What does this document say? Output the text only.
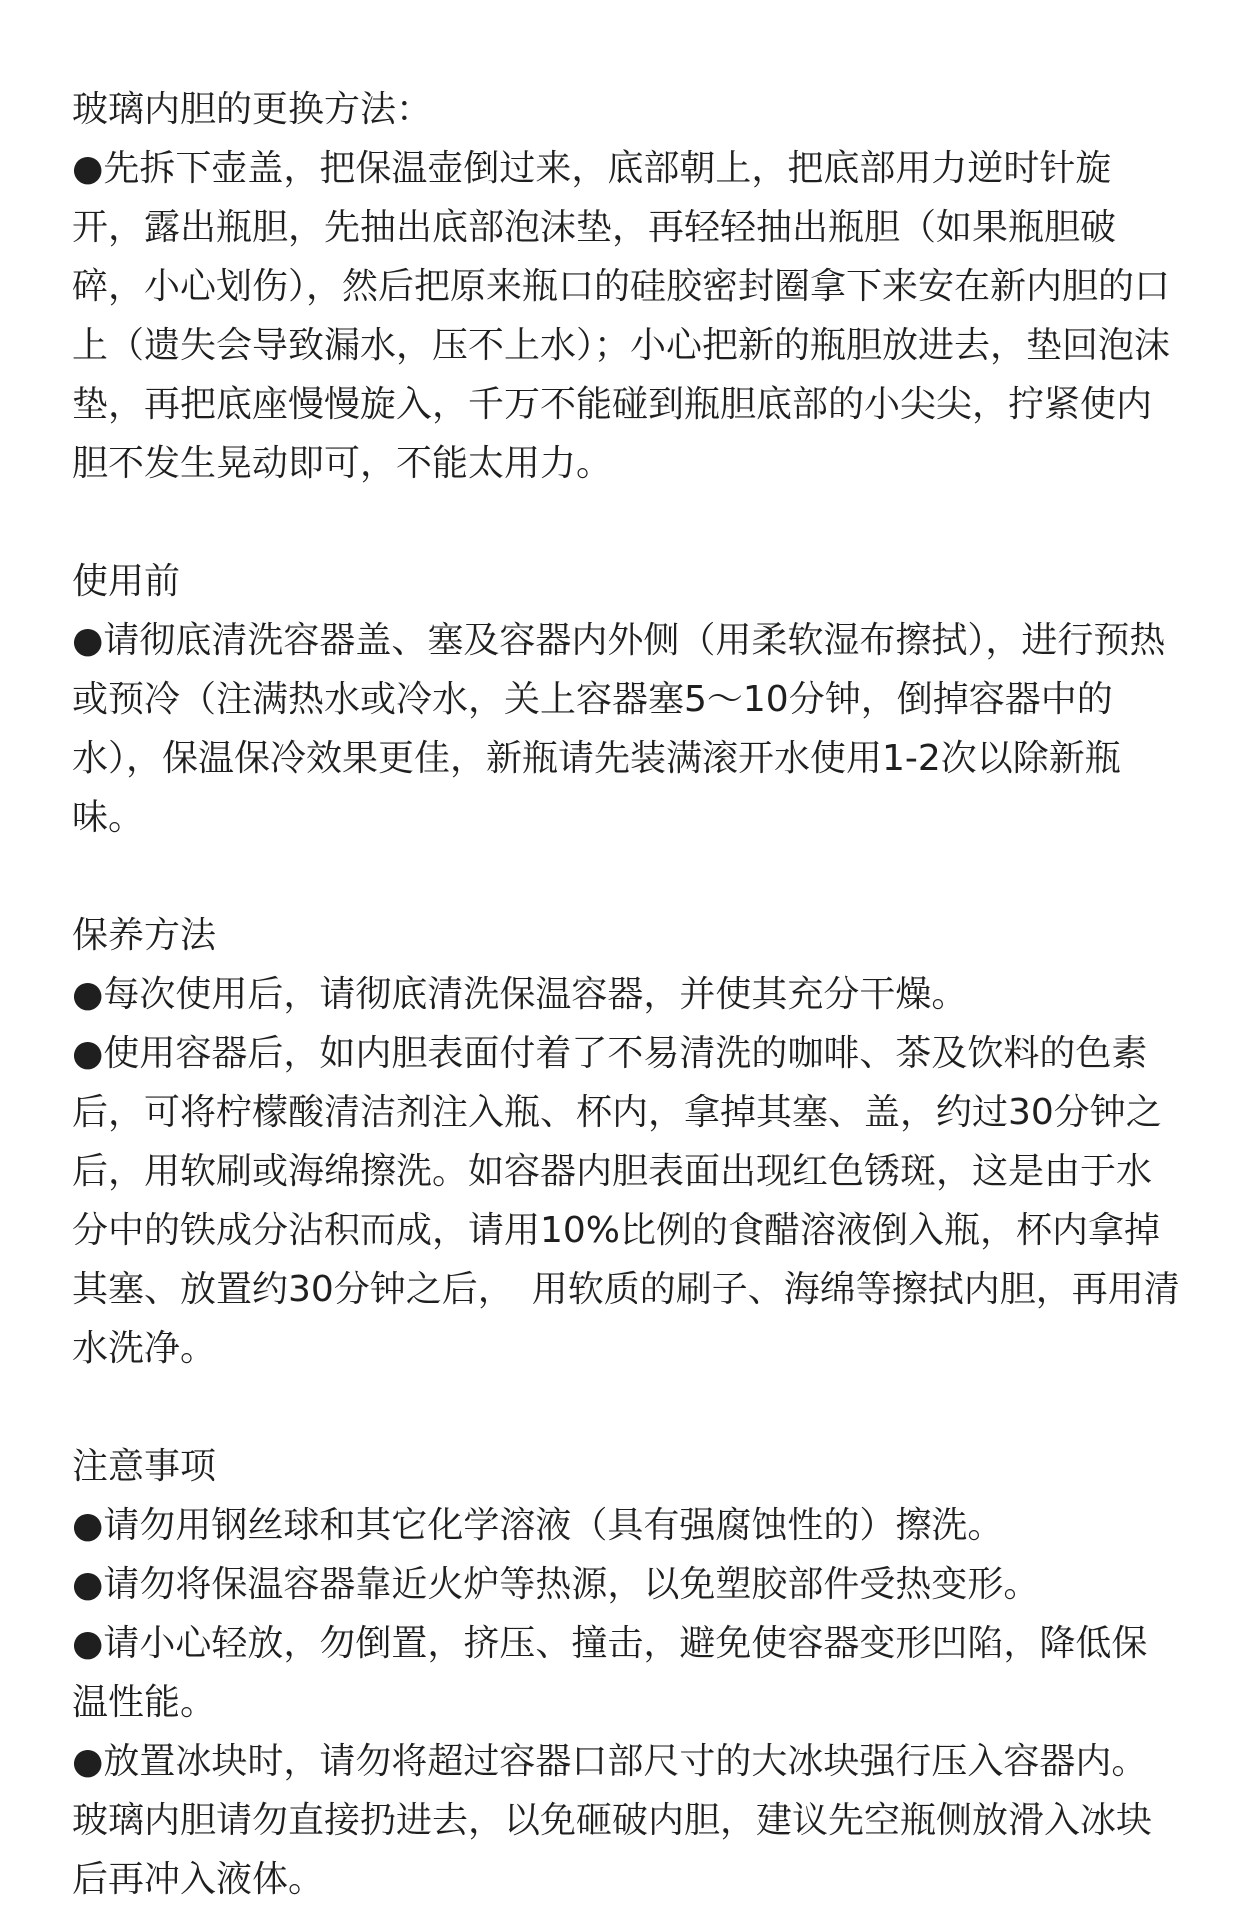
玻璃内胆的更换方法：

●先拆下壶盖，把保温壶倒过来，底部朝上，把底部用力逆时针旋开，露出瓶胆，先抽出底部泡沫垫，再轻轻抽出瓶胆（如果瓶胆破碎，小心划伤），然后把原来瓶口的硅胶密封圈拿下来安在新内胆的口上（遗失会导致漏水，压不上水）；小心把新的瓶胆放进去，垫回泡沫垫，再把底座慢慢旋入，千万不能碰到瓶胆底部的小尖尖，拧紧使内胆不发生晃动即可，不能太用力。

使用前

●请彻底清洗容器盖、塞及容器内外侧（用柔软湿布擦拭），进行预热或预冷（注满热水或冷水，关上容器塞5～10分钟，倒掉容器中的水），保温保冷效果更佳，新瓶请先装满滚开水使用1-2次以除新瓶味。

保养方法

●每次使用后，请彻底清洗保温容器，并使其充分干燥。

●使用容器后，如内胆表面付着了不易清洗的咖啡、茶及饮料的色素后，可将柠檬酸清洁剂注入瓶、杯内，拿掉其塞、盖，约过30分钟之后，用软刷或海绵擦洗。如容器内胆表面出现红色锈斑，这是由于水分中的铁成分沾积而成，请用10%比例的食醋溶液倒入瓶，杯内拿掉其塞、放置约30分钟之后，　用软质的刷子、海绵等擦拭内胆，再用清水洗净。

注意事项

●请勿用钢丝球和其它化学溶液（具有强腐蚀性的）擦洗。

●请勿将保温容器靠近火炉等热源，以免塑胶部件受热变形。

●请小心轻放，勿倒置，挤压、撞击，避免使容器变形凹陷，降低保温性能。

●放置冰块时，请勿将超过容器口部尺寸的大冰块强行压入容器内。玻璃内胆请勿直接扔进去，以免砸破内胆，建议先空瓶侧放滑入冰块后再冲入液体。
